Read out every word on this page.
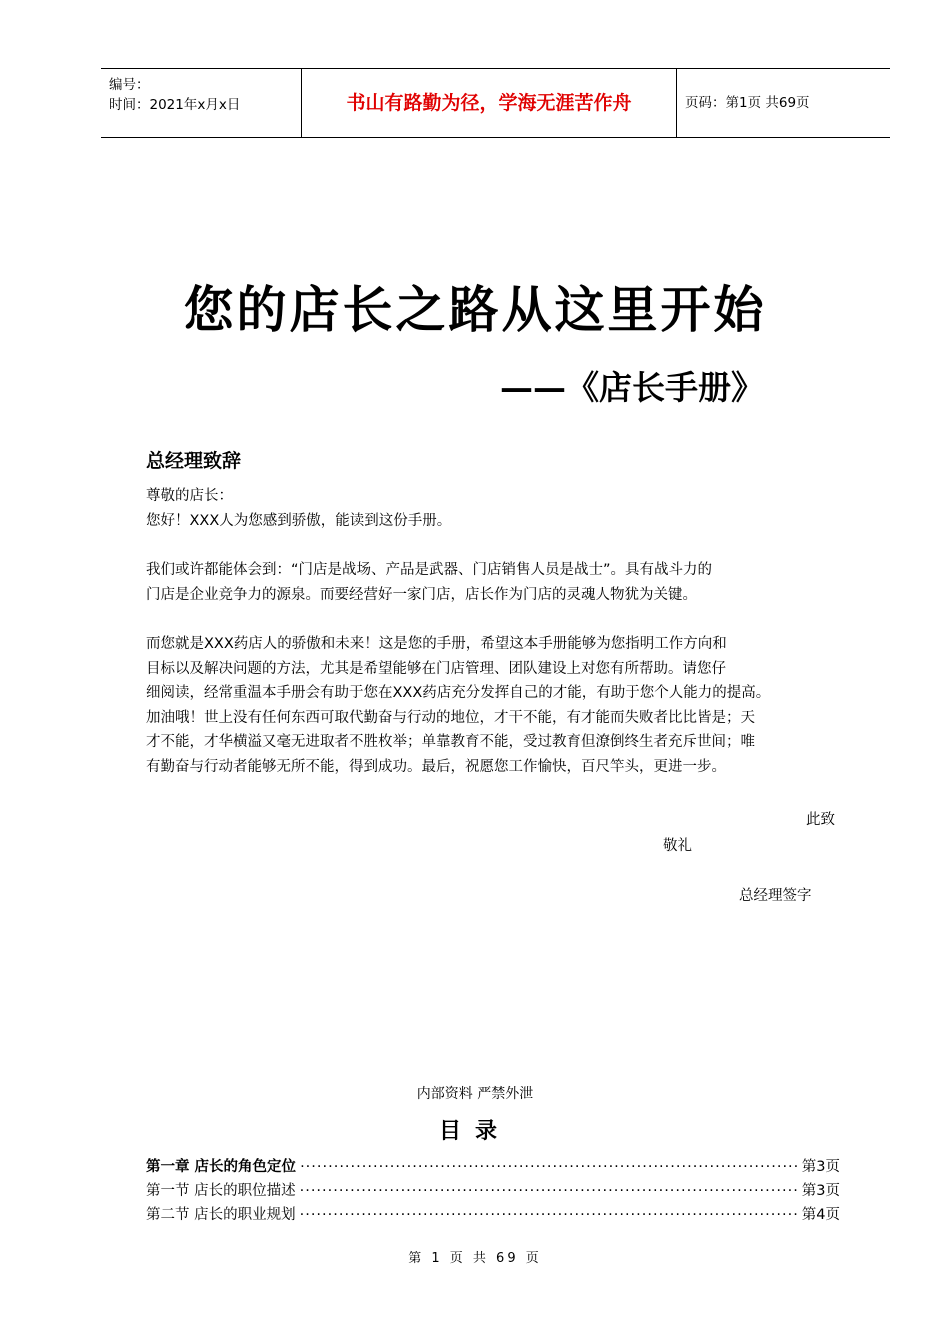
编号：
时间：2021年x月x日	书山有路勤为径，学海无涯苦作舟	页码：第1页 共69页
您的店长之路从这里开始
——《店长手册》
总经理致辞
尊敬的店长：
您好！XXX人为您感到骄傲，能读到这份手册。
我们或许都能体会到：“门店是战场、产品是武器、门店销售人员是战士”。具有战斗力的
门店是企业竞争力的源泉。而要经营好一家门店，店长作为门店的灵魂人物犹为关键。
而您就是XXX药店人的骄傲和未来！这是您的手册，希望这本手册能够为您指明工作方向和
目标以及解决问题的方法，尤其是希望能够在门店管理、团队建设上对您有所帮助。请您仔
细阅读，经常重温本手册会有助于您在XXX药店充分发挥自己的才能，有助于您个人能力的提高。
加油哦！世上没有任何东西可取代勤奋与行动的地位，才干不能，有才能而失败者比比皆是；天
才不能，才华横溢又毫无进取者不胜枚举；单靠教育不能，受过教育但潦倒终生者充斥世间；唯
有勤奋与行动者能够无所不能，得到成功。最后，祝愿您工作愉快，百尺竿头，更进一步。
此致
敬礼
总经理签字
内部资料 严禁外泄
目录
第一章 店长的角色定位 ·····	第3页
第一节 店长的职位描述 ·····	第3页
第二节 店长的职业规划 ·····	第4页
第 1 页 共 69 页
